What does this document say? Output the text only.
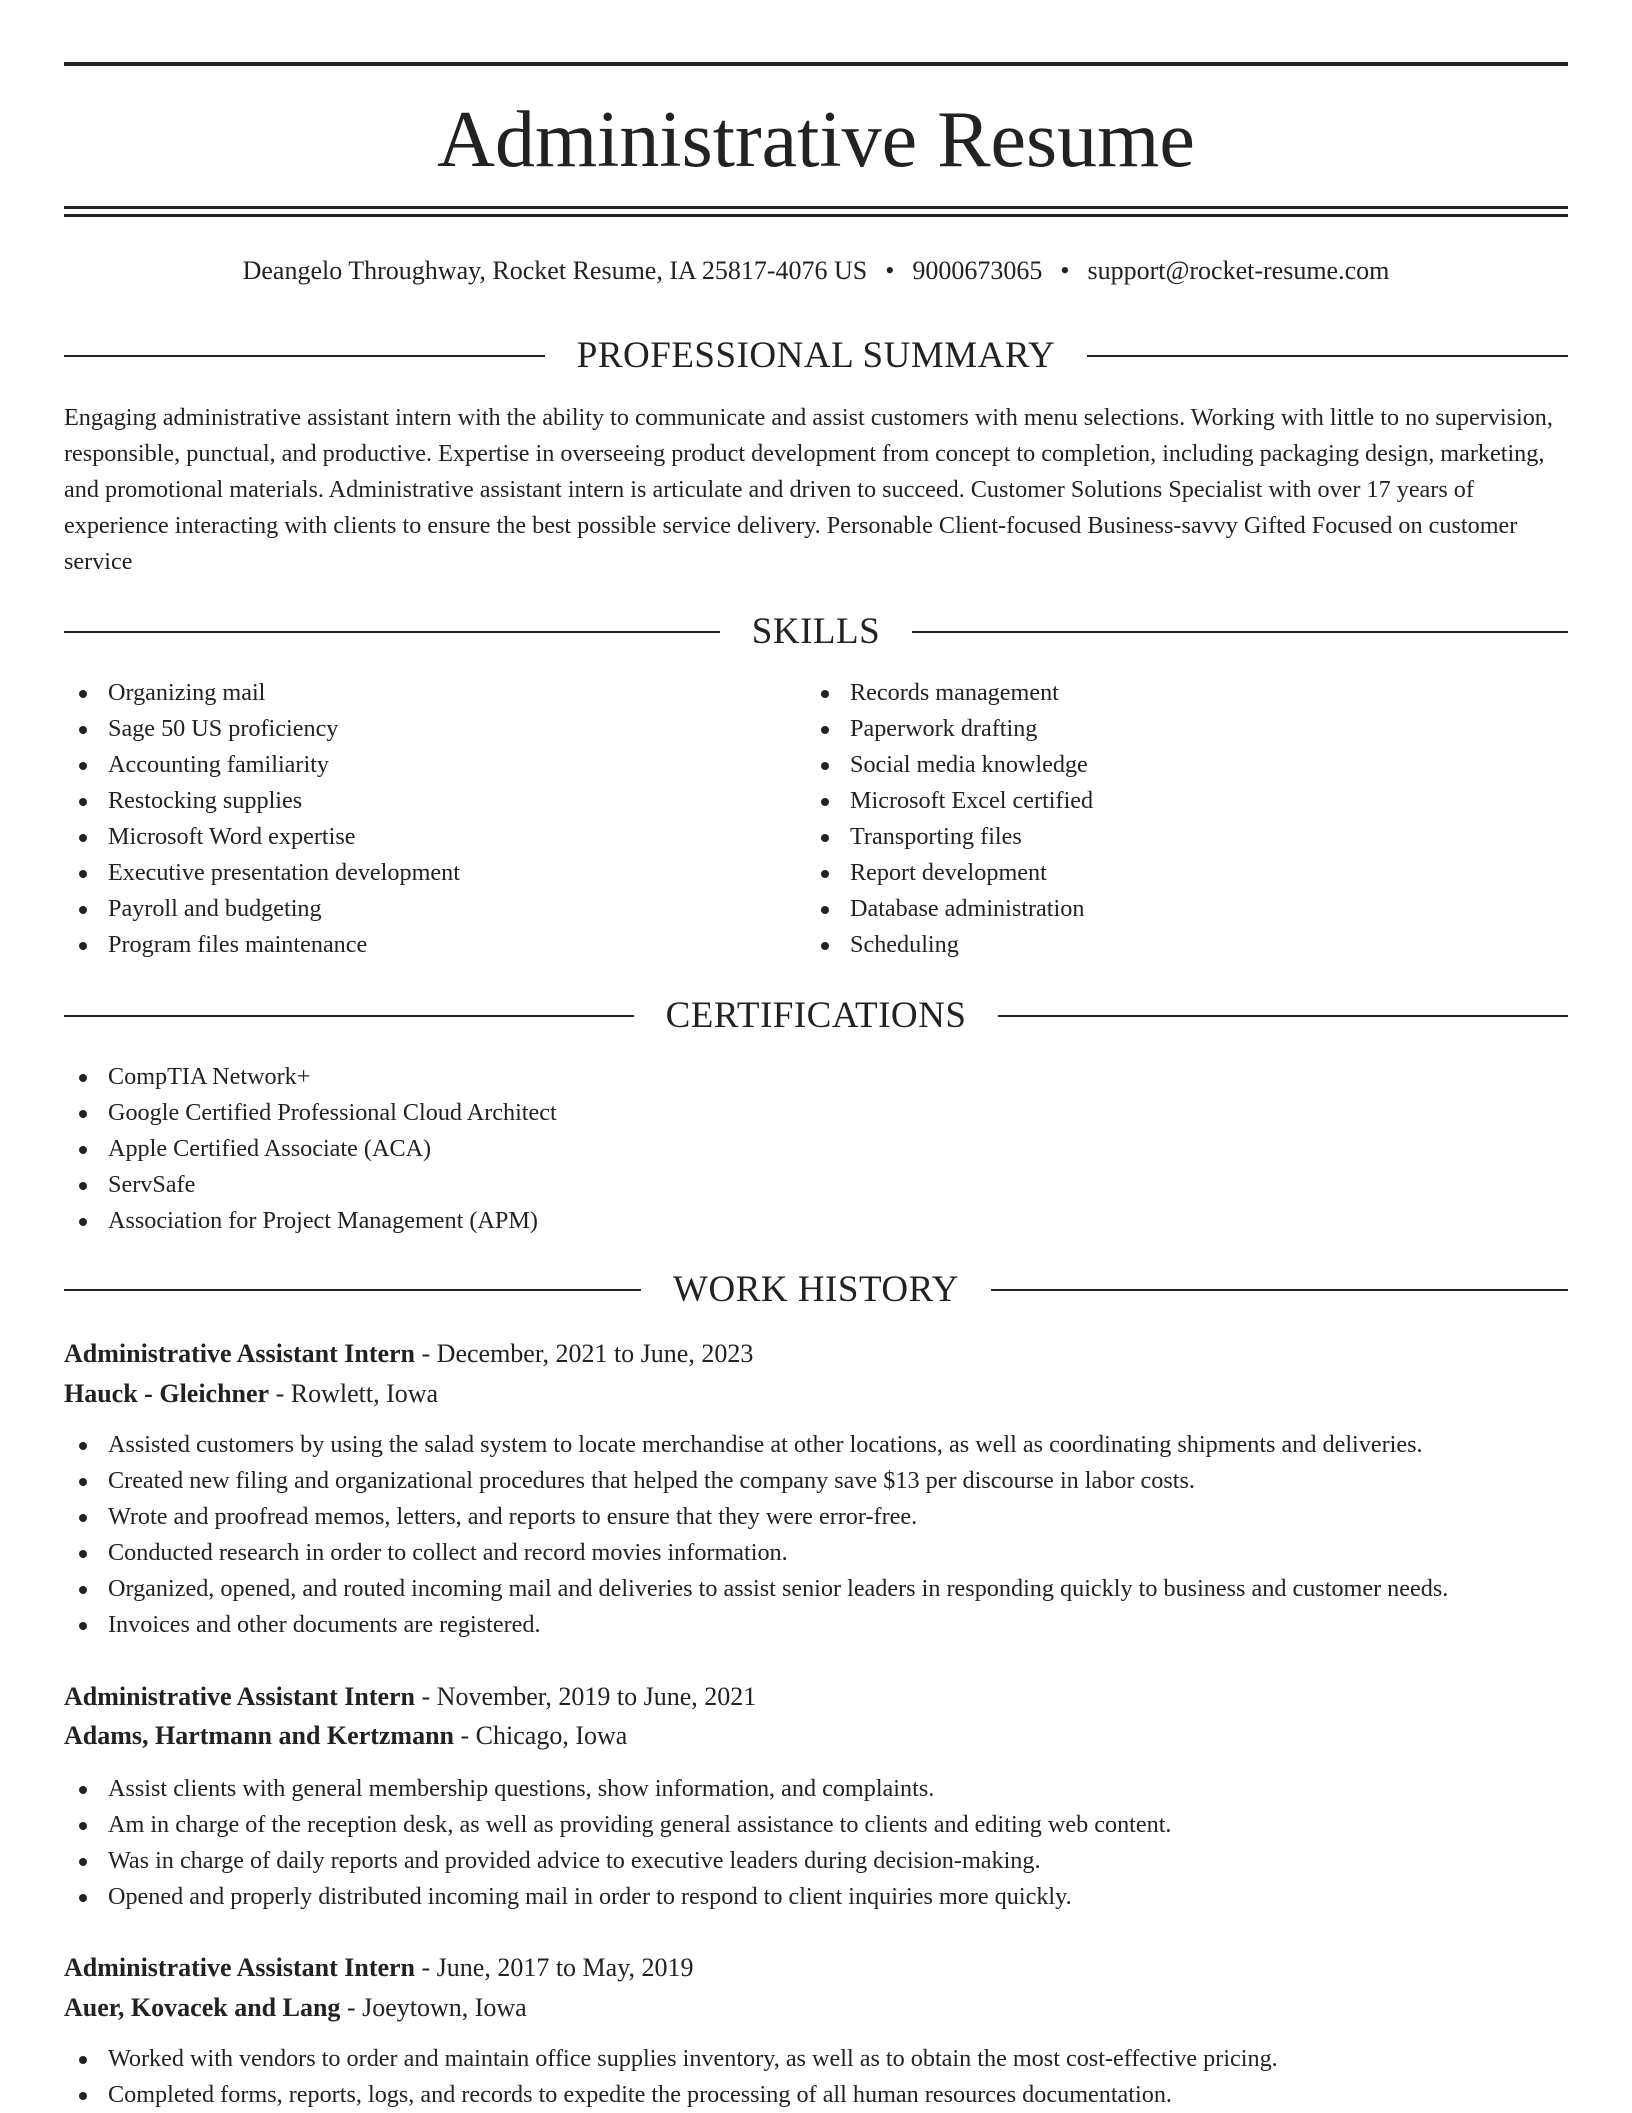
Administrative Resume
Deangelo Throughway, Rocket Resume, IA 25817-4076 US • 9000673065 • support@rocket-resume.com
PROFESSIONAL SUMMARY

Engaging administrative assistant intern with the ability to communicate and assist customers with menu selections. Working with little to no supervision, responsible, punctual, and productive. Expertise in overseeing product development from concept to completion, including packaging design, marketing, and promotional materials. Administrative assistant intern is articulate and driven to succeed. Customer Solutions Specialist with over 17 years of experience interacting with clients to ensure the best possible service delivery. Personable Client-focused Business-savvy Gifted Focused on customer service

SKILLS
Organizing mail
Sage 50 US proficiency
Accounting familiarity
Restocking supplies
Microsoft Word expertise
Executive presentation development
Payroll and budgeting
Program files maintenance
Records management
Paperwork drafting
Social media knowledge
Microsoft Excel certified
Transporting files
Report development
Database administration
Scheduling
CERTIFICATIONS
CompTIA Network+
Google Certified Professional Cloud Architect
Apple Certified Associate (ACA)
ServSafe
Association for Project Management (APM)
WORK HISTORY
Administrative Assistant Intern - December, 2021 to June, 2023
Hauck - Gleichner - Rowlett, Iowa
Assisted customers by using the salad system to locate merchandise at other locations, as well as coordinating shipments and deliveries.
Created new filing and organizational procedures that helped the company save $13 per discourse in labor costs.
Wrote and proofread memos, letters, and reports to ensure that they were error-free.
Conducted research in order to collect and record movies information.
Organized, opened, and routed incoming mail and deliveries to assist senior leaders in responding quickly to business and customer needs.
Invoices and other documents are registered.
Administrative Assistant Intern - November, 2019 to June, 2021
Adams, Hartmann and Kertzmann - Chicago, Iowa
Assist clients with general membership questions, show information, and complaints.
Am in charge of the reception desk, as well as providing general assistance to clients and editing web content.
Was in charge of daily reports and provided advice to executive leaders during decision-making.
Opened and properly distributed incoming mail in order to respond to client inquiries more quickly.
Administrative Assistant Intern - June, 2017 to May, 2019
Auer, Kovacek and Lang - Joeytown, Iowa
Worked with vendors to order and maintain office supplies inventory, as well as to obtain the most cost-effective pricing.
Completed forms, reports, logs, and records to expedite the processing of all human resources documentation.
